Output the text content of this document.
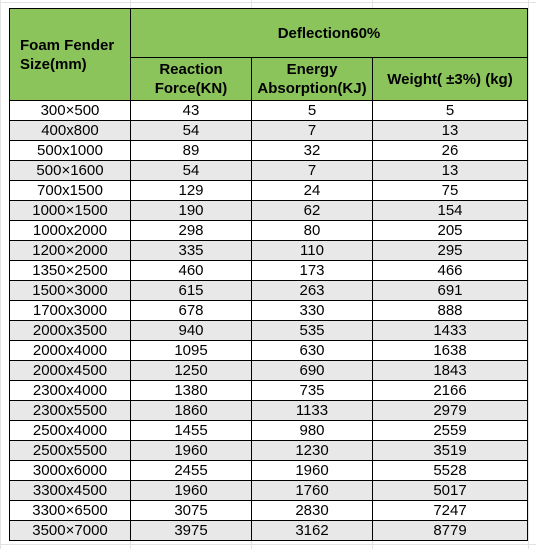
Foam Fender Size(mm)	Deflection60%		
	Reaction Force(KN)	Energy Absorption(KJ)	Weight( ±3%) (kg)
300×500	43	5	5
400x800	54	7	13
500x1000	89	32	26
500×1600	54	7	13
700x1500	129	24	75
1000×1500	190	62	154
1000x2000	298	80	205
1200×2000	335	110	295
1350×2500	460	173	466
1500×3000	615	263	691
1700x3000	678	330	888
2000x3500	940	535	1433
2000x4000	1095	630	1638
2000x4500	1250	690	1843
2300x4000	1380	735	2166
2300x5500	1860	1133	2979
2500x4000	1455	980	2559
2500x5500	1960	1230	3519
3000x6000	2455	1960	5528
3300x4500	1960	1760	5017
3300×6500	3075	2830	7247
3500×7000	3975	3162	8779
